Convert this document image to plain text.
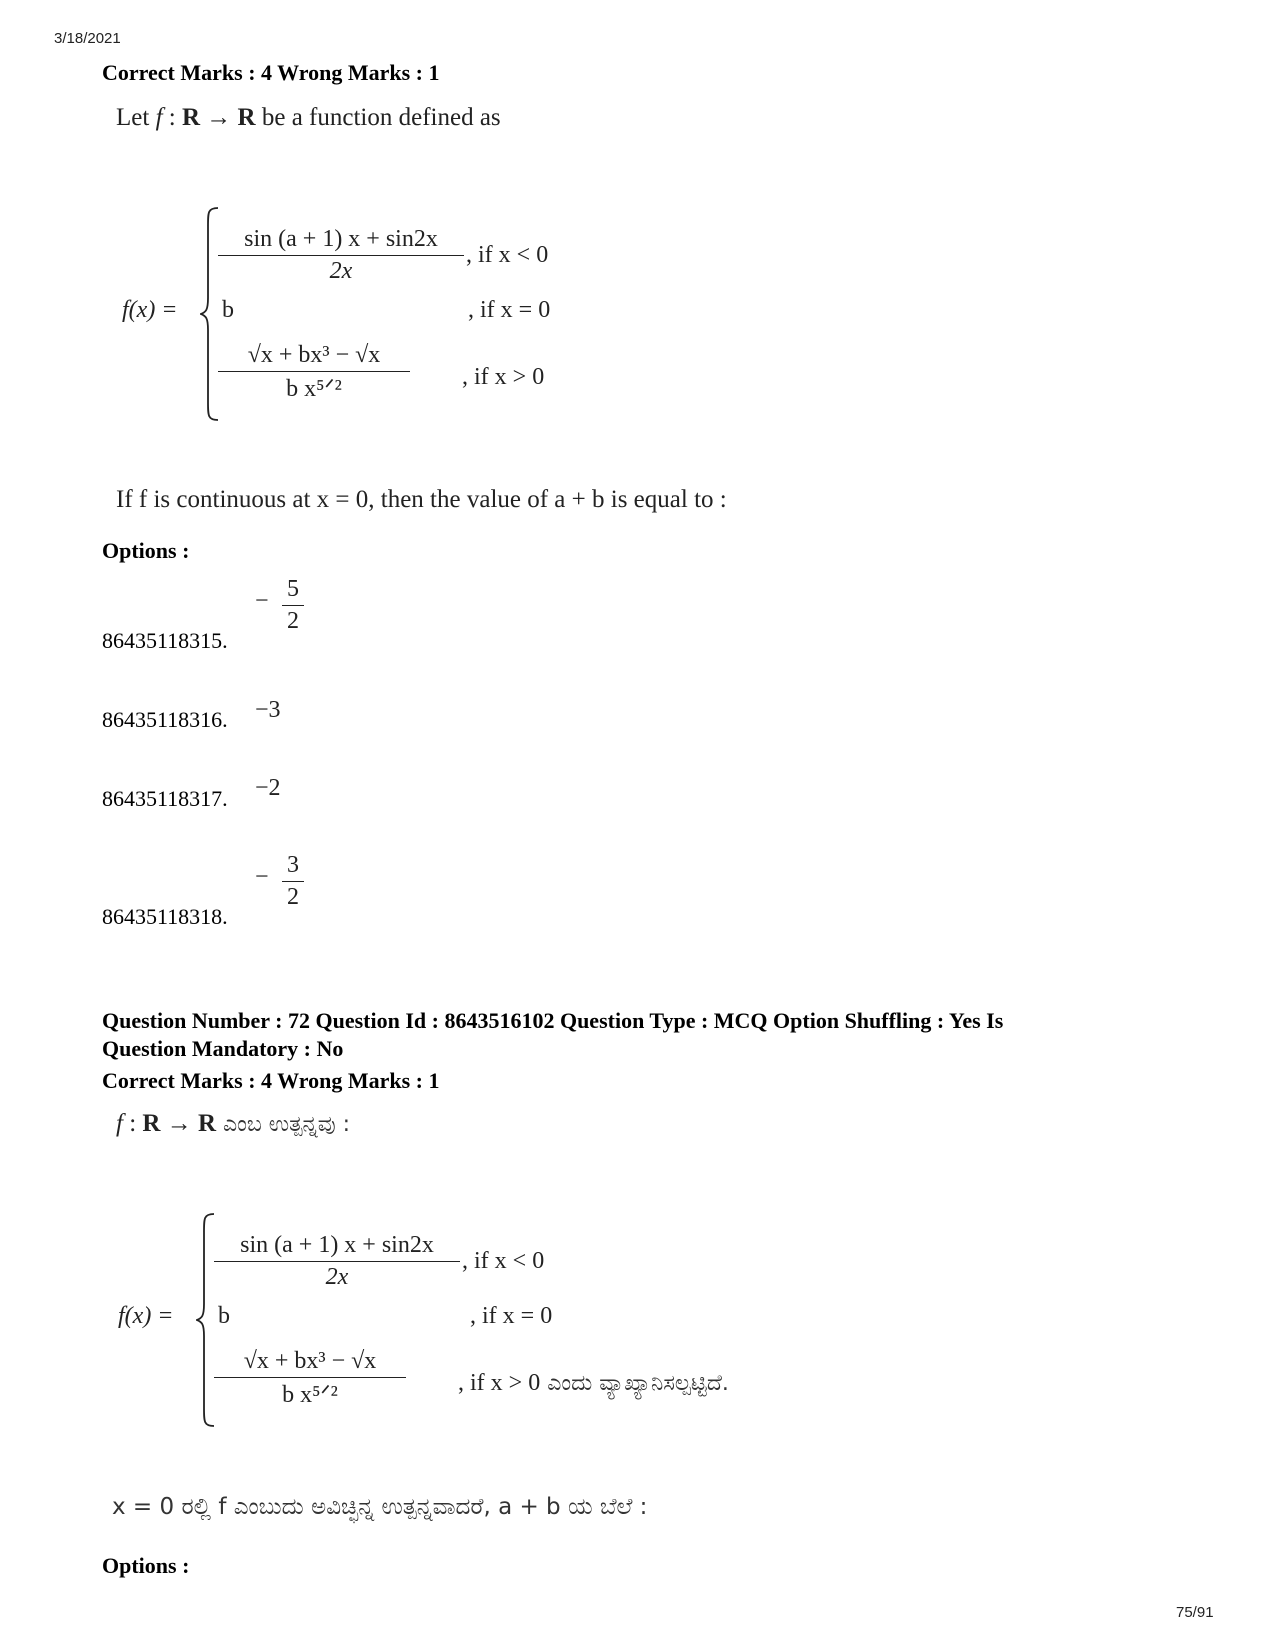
3/18/2021
75/91
Correct Marks : 4 Wrong Marks : 1
Let f : R → R be a function defined as
f(x) =
$\frac{\sin (a + 1) x + \sin 2x}{2x}$ , if x < 0
b	, if x = 0
√x + bx³ − √x
b x⁵ᐟ²	, if x > 0
If f is continuous at x = 0, then the value of a + b is equal to :
Options :
86435118315.
− $\frac{5}{2}$
86435118316. −3
86435118317. −2
86435118318.
− $\frac{3}{2}$
Question Number : 72 Question Id : 8643516102 Question Type : MCQ Option Shuffling : Yes Is
Question Mandatory : No
Correct Marks : 4 Wrong Marks : 1
f : R → R ಎಂಬ ಉತ್ಪನ್ನವು :
f(x) =
$\frac{\sin (a + 1) x + \sin 2x}{2x}$ , if x < 0
b	, if x = 0
√x + bx³ − √x
b x⁵ᐟ²	, if x > 0 ಎಂದು ವ್ಯಾಖ್ಯಾನಿಸಲ್ಪಟ್ಟಿದೆ.
x = 0 ರಲ್ಲಿ f ಎಂಬುದು ಅವಿಚ್ಛಿನ್ನ ಉತ್ಪನ್ನವಾದರೆ, a + b ಯ ಬೆಲೆ :
Options :
